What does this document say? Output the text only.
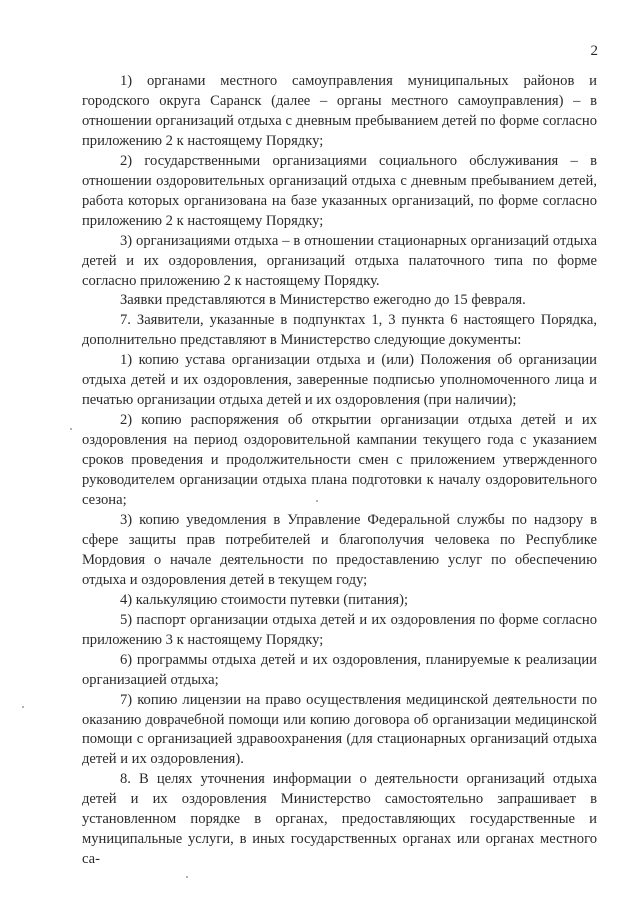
2

1) органами местного самоуправления муниципальных районов и городского округа Саранск (далее – органы местного самоуправления) – в отношении организаций отдыха с дневным пребыванием детей по форме согласно приложению 2 к настоящему Порядку;

2) государственными организациями социального обслуживания – в отношении оздоровительных организаций отдыха с дневным пребыванием детей, работа которых организована на базе указанных организаций, по форме согласно приложению 2 к настоящему Порядку;

3) организациями отдыха – в отношении стационарных организаций отдыха детей и их оздоровления, организаций отдыха палаточного типа по форме согласно приложению 2 к настоящему Порядку.

Заявки представляются в Министерство ежегодно до 15 февраля.

7. Заявители, указанные в подпунктах 1, 3 пункта 6 настоящего Порядка, дополнительно представляют в Министерство следующие документы:

1) копию устава организации отдыха и (или) Положения об организации отдыха детей и их оздоровления, заверенные подписью уполномоченного лица и печатью организации отдыха детей и их оздоровления (при наличии);

2) копию распоряжения об открытии организации отдыха детей и их оздоровления на период оздоровительной кампании текущего года с указанием сроков проведения и продолжительности смен с приложением утвержденного руководителем организации отдыха плана подготовки к началу оздоровительного сезона;

3) копию уведомления в Управление Федеральной службы по надзору в сфере защиты прав потребителей и благополучия человека по Республике Мордовия о начале деятельности по предоставлению услуг по обеспечению отдыха и оздоровления детей в текущем году;

4) калькуляцию стоимости путевки (питания);

5) паспорт организации отдыха детей и их оздоровления по форме согласно приложению 3 к настоящему Порядку;

6) программы отдыха детей и их оздоровления, планируемые к реализации организацией отдыха;

7) копию лицензии на право осуществления медицинской деятельности по оказанию доврачебной помощи или копию договора об организации медицинской помощи с организацией здравоохранения (для стационарных организаций отдыха детей и их оздоровления).

8. В целях уточнения информации о деятельности организаций отдыха детей и их оздоровления Министерство самостоятельно запрашивает в установленном порядке в органах, предоставляющих государственные и муниципальные услуги, в иных государственных органах или органах местного са-
